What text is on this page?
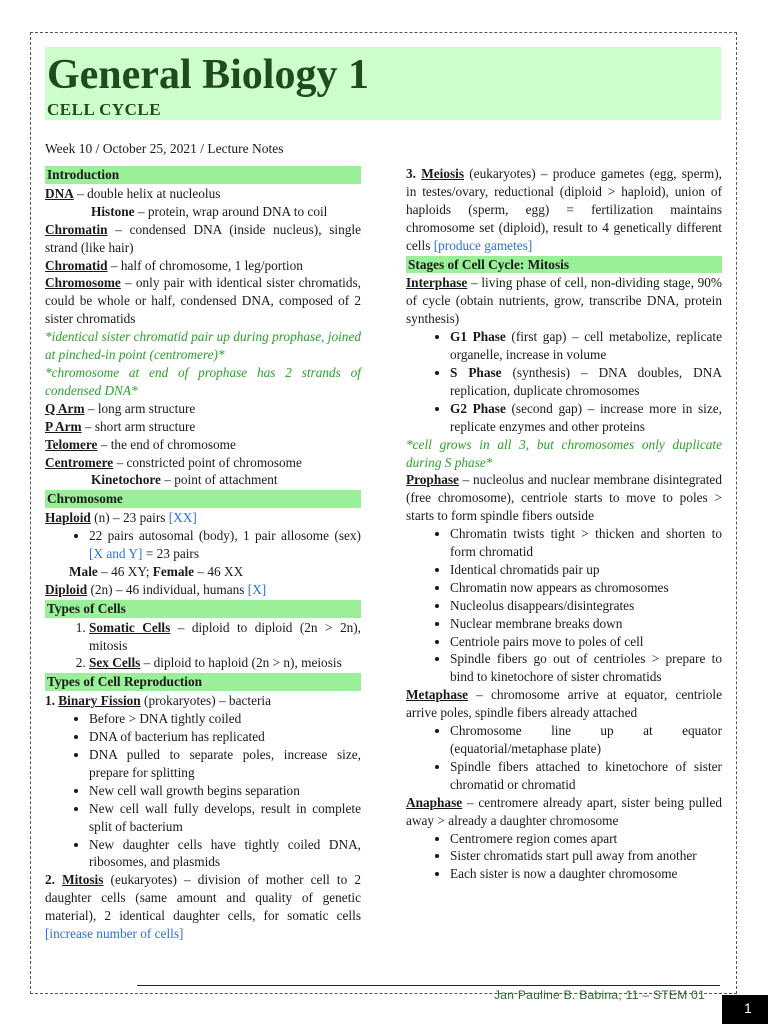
General Biology 1
CELL CYCLE
Week 10 / October 25, 2021 / Lecture Notes
Introduction

DNA – double helix at nucleolus

Histone – protein, wrap around DNA to coil

Chromatin – condensed DNA (inside nucleus), single strand (like hair)

Chromatid – half of chromosome, 1 leg/portion

Chromosome – only pair with identical sister chromatids, could be whole or half, condensed DNA, composed of 2 sister chromatids

*identical sister chromatid pair up during prophase, joined at pinched-in point (centromere)*

*chromosome at end of prophase has 2 strands of condensed DNA*

Q Arm – long arm structure

P Arm – short arm structure

Telomere – the end of chromosome

Centromere – constricted point of chromosome

Kinetochore – point of attachment

Chromosome

Haploid (n) – 23 pairs [XX]

• 22 pairs autosomal (body), 1 pair allosome (sex) [X and Y] = 23 pairs

Male – 46 XY; Female – 46 XX

Diploid (2n) – 46 individual, humans [X]

Types of Cells
1. Somatic Cells – diploid to diploid (2n > 2n), mitosis
2. Sex Cells – diploid to haploid (2n > n), meiosis
Types of Cell Reproduction

1. Binary Fission (prokaryotes) – bacteria

• Before > DNA tightly coiled
• DNA of bacterium has replicated
• DNA pulled to separate poles, increase size, prepare for splitting
• New cell wall growth begins separation
• New cell wall fully develops, result in complete split of bacterium
• New daughter cells have tightly coiled DNA, ribosomes, and plasmids

2. Mitosis (eukaryotes) – division of mother cell to 2 daughter cells (same amount and quality of genetic material), 2 identical daughter cells, for somatic cells [increase number of cells]

3. Meiosis (eukaryotes) – produce gametes (egg, sperm), in testes/ovary, reductional (diploid > haploid), union of haploids (sperm, egg) = fertilization maintains chromosome set (diploid), result to 4 genetically different cells [produce gametes]

Stages of Cell Cycle: Mitosis

Interphase – living phase of cell, non-dividing stage, 90% of cycle (obtain nutrients, grow, transcribe DNA, protein synthesis)

• G1 Phase (first gap) – cell metabolize, replicate organelle, increase in volume
• S Phase (synthesis) – DNA doubles, DNA replication, duplicate chromosomes
• G2 Phase (second gap) – increase more in size, replicate enzymes and other proteins

*cell grows in all 3, but chromosomes only duplicate during S phase*

Prophase – nucleolus and nuclear membrane disintegrated (free chromosome), centriole starts to move to poles > starts to form spindle fibers outside

• Chromatin twists tight > thicken and shorten to form chromatid
• Identical chromatids pair up
• Chromatin now appears as chromosomes
• Nucleolus disappears/disintegrates
• Nuclear membrane breaks down
• Centriole pairs move to poles of cell
• Spindle fibers go out of centrioles > prepare to bind to kinetochore of sister chromatids

Metaphase – chromosome arrive at equator, centriole arrive poles, spindle fibers already attached

• Chromosome line up at equator (equatorial/metaphase plate)
• Spindle fibers attached to kinetochore of sister chromatid or chromatid

Anaphase – centromere already apart, sister being pulled away > already a daughter chromosome

• Centromere region comes apart
• Sister chromatids start pull away from another
• Each sister is now a daughter chromosome
Jan Pauline B. Babina, 11 – STEM 01
1
